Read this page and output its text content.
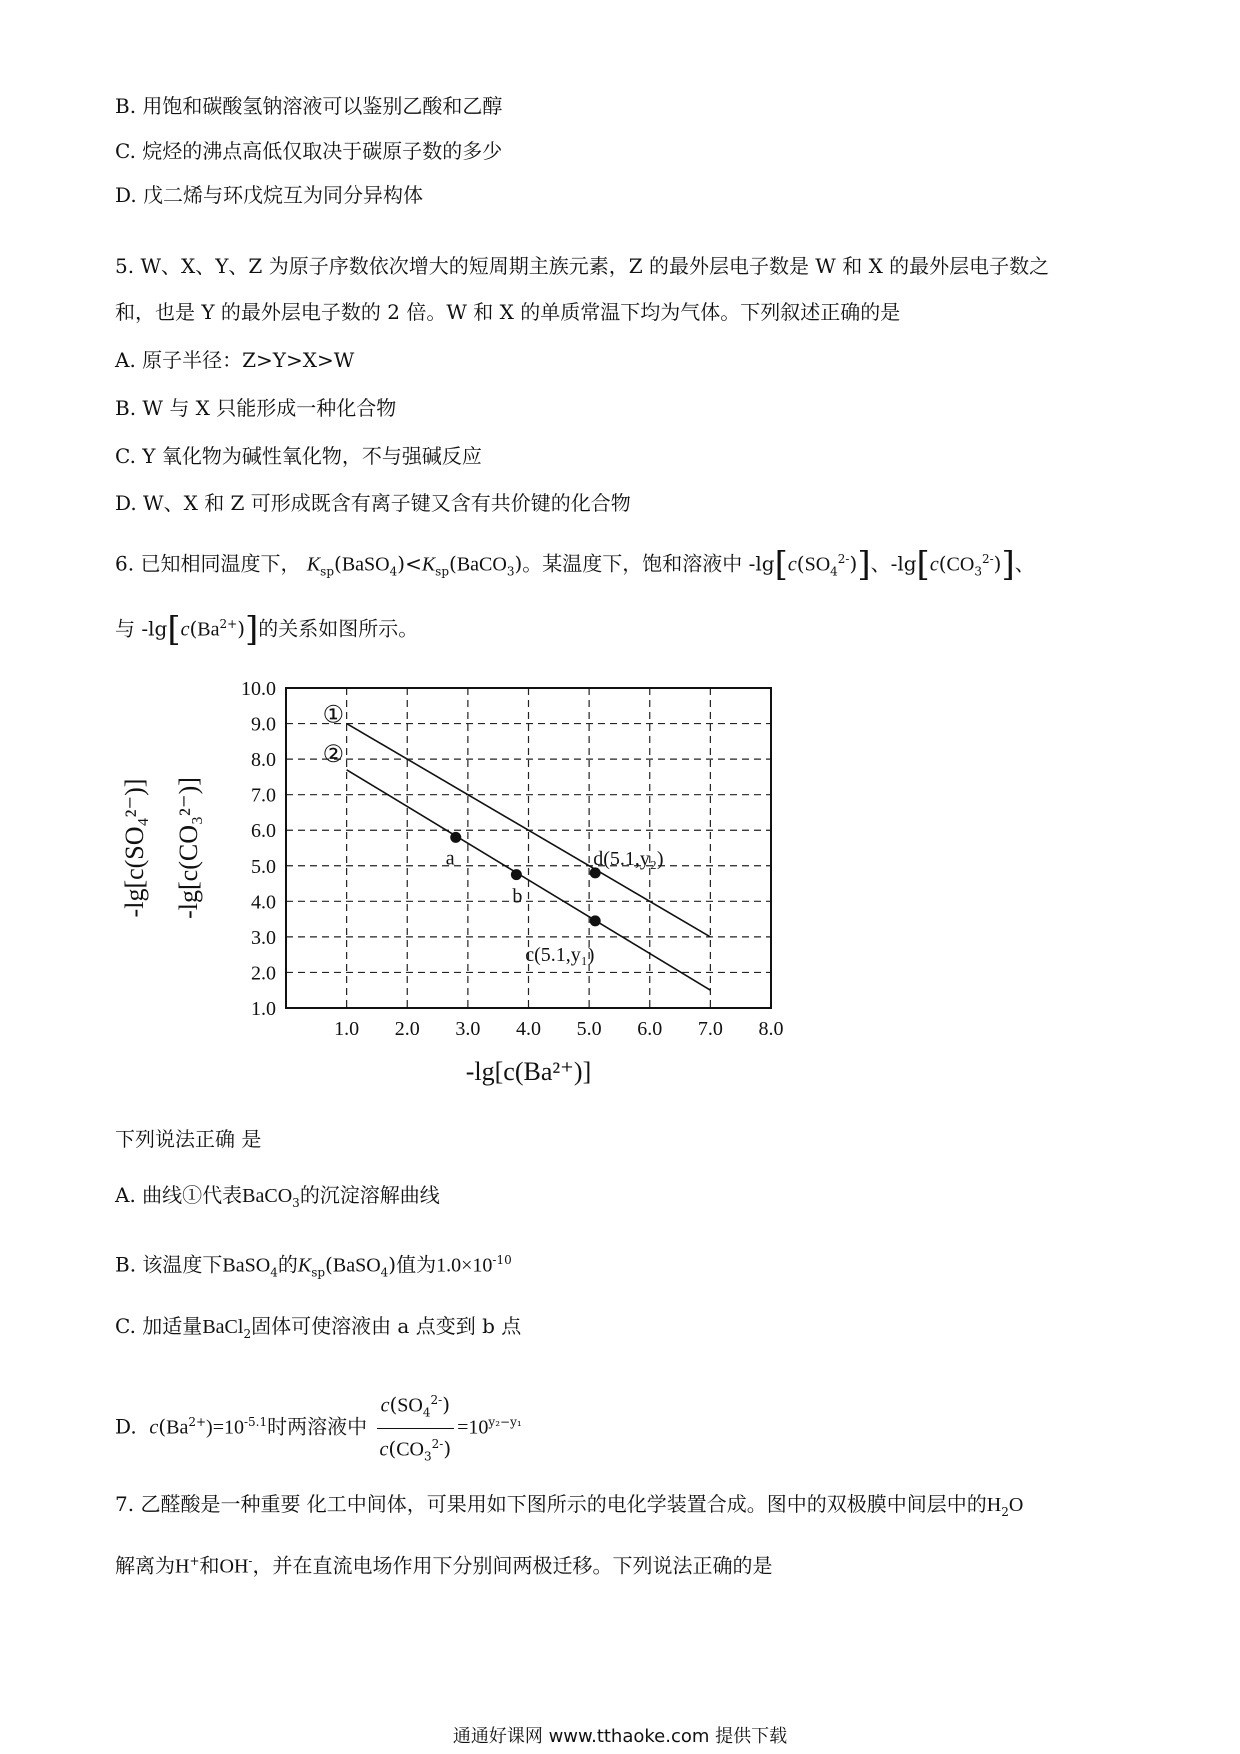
B. 用饱和碳酸氢钠溶液可以鉴别乙酸和乙醇
C. 烷烃的沸点高低仅取决于碳原子数的多少
D. 戊二烯与环戊烷互为同分异构体
5. W、X、Y、Z 为原子序数依次增大的短周期主族元素，Z 的最外层电子数是 W 和 X 的最外层电子数之
和，也是 Y 的最外层电子数的 2 倍。W 和 X 的单质常温下均为气体。下列叙述正确的是
A. 原子半径：Z>Y>X>W
B. W 与 X 只能形成一种化合物
C. Y 氧化物为碱性氧化物，不与强碱反应
D. W、X 和 Z 可形成既含有离子键又含有共价键的化合物
6. 已知相同温度下， $K_{sp}(BaSO_4)<K_{sp}(BaCO_3)$。某温度下，饱和溶液中 $-\lg[c(SO_4^{2-})]$、$-\lg[c(CO_3^{2-})]$、
与 $-\lg[c(Ba^{2+})]$的关系如图所示。
10.0
9.0
8.0
7.0
6.0
5.0
4.0
3.0
2.0
1.0
1.0 2.0 3.0 4.0 5.0 6.0 7.0 8.0
①
②
a
b
d(5.1,y₂)
c(5.1,y₁)
-lg[c(SO₄²⁻)] -lg[c(CO₃²⁻)]
-lg[c(Ba²⁺)]
下列说法正确 是
A. 曲线①代表BaCO$_3$的沉淀溶解曲线
B. 该温度下BaSO$_4$的$K_{sp}(BaSO_4)$值为$1.0\times 10^{-10}$
C. 加适量BaCl$_2$固体可使溶液由 a 点变到 b 点
D. $c(Ba^{2+})=10^{-5.1}$时两溶液中 $\frac{c(SO_4^{2-})}{c(CO_3^{2-})} =10^{y_2-y_1}$
7. 乙醛酸是一种重要 化工中间体，可果用如下图所示的电化学装置合成。图中的双极膜中间层中的$H_2O$
解离为H+和OH-，并在直流电场作用下分别间两极迁移。下列说法正确的是
通通好课网 www.tthaoke.com 提供下载
